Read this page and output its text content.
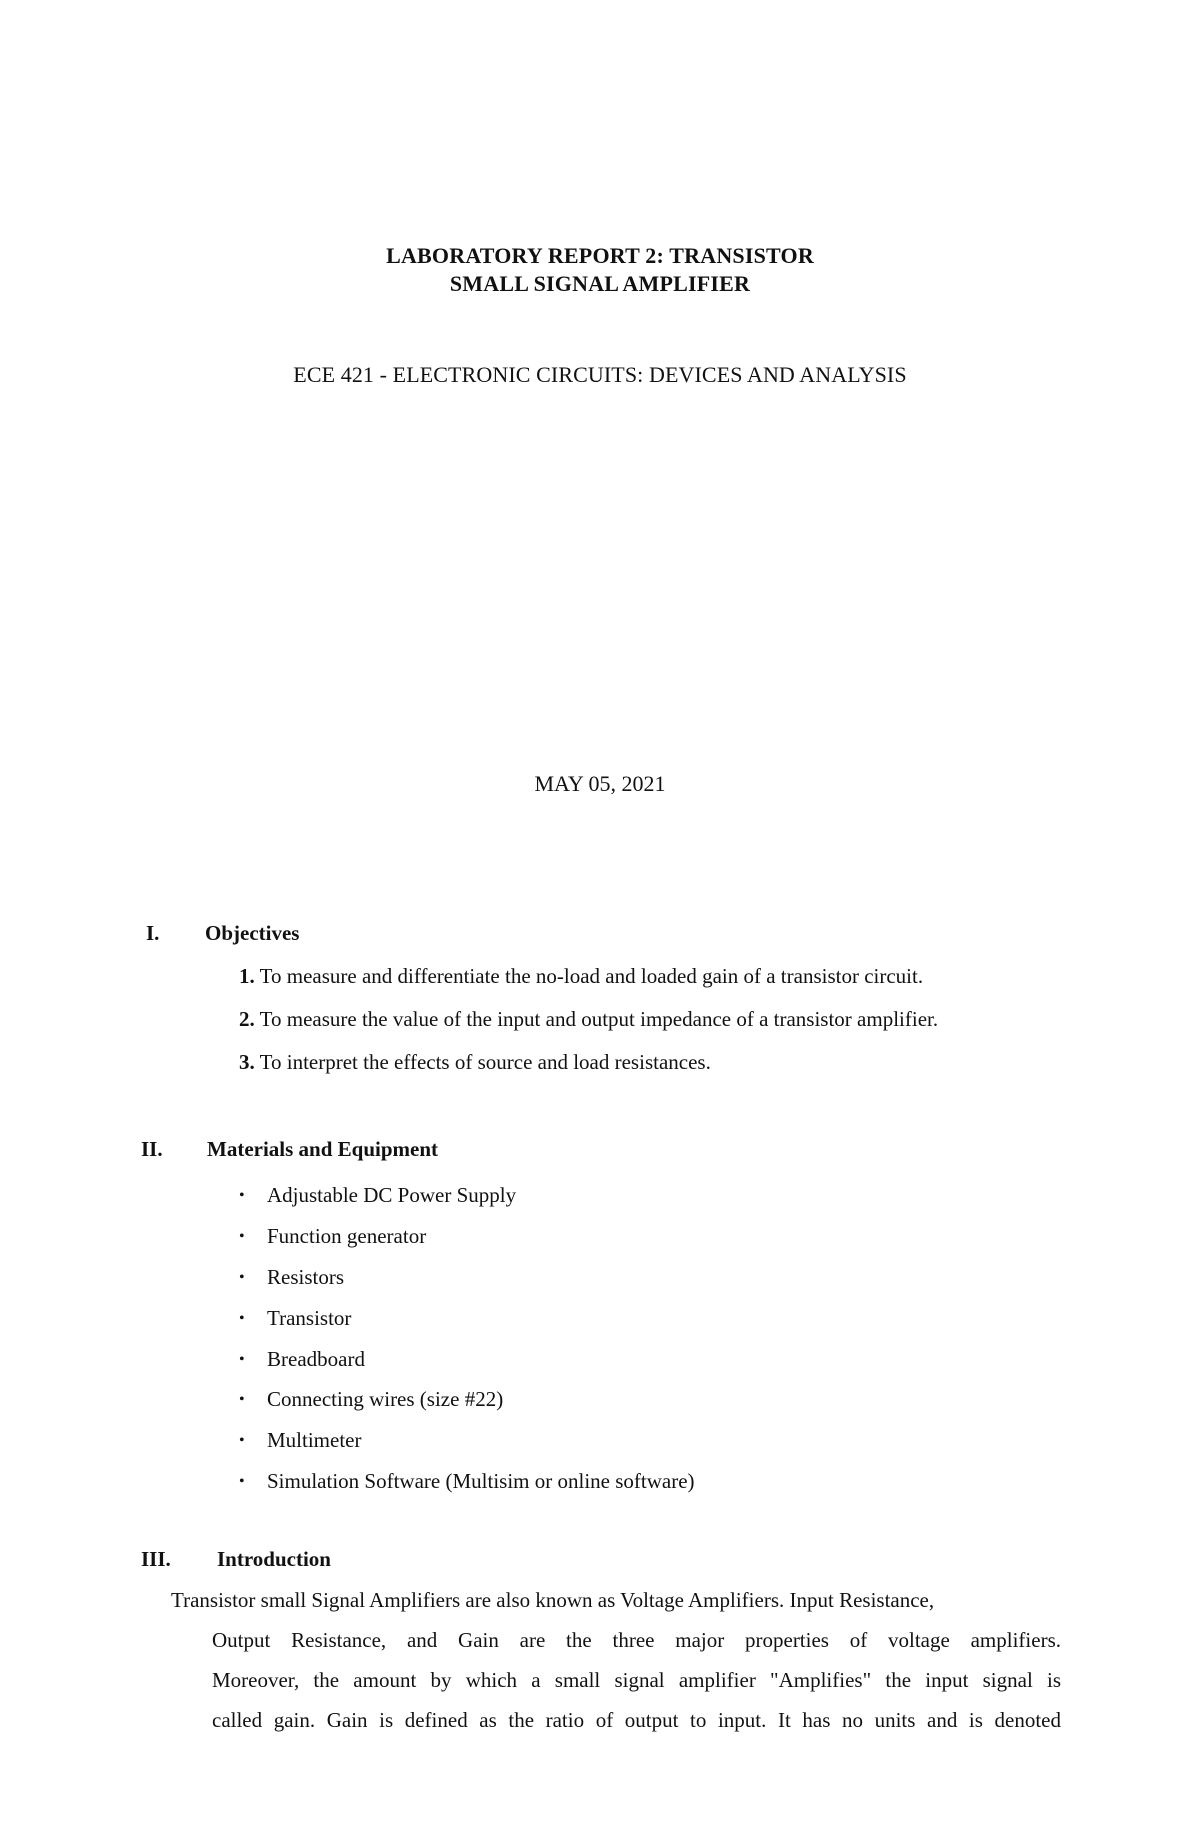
LABORATORY REPORT 2: TRANSISTOR
SMALL SIGNAL AMPLIFIER
ECE 421 - ELECTRONIC CIRCUITS: DEVICES AND ANALYSIS
MAY 05, 2021
I. Objectives
1. To measure and differentiate the no-load and loaded gain of a transistor circuit.
2. To measure the value of the input and output impedance of a transistor amplifier.
3. To interpret the effects of source and load resistances.
II. Materials and Equipment
• Adjustable DC Power Supply
• Function generator
• Resistors
• Transistor
• Breadboard
• Connecting wires (size #22)
• Multimeter
• Simulation Software (Multisim or online software)
III. Introduction
Transistor small Signal Amplifiers are also known as Voltage Amplifiers. Input Resistance,
Output Resistance, and Gain are the three major properties of voltage amplifiers.
Moreover, the amount by which a small signal amplifier "Amplifies" the input signal is
called gain. Gain is defined as the ratio of output to input. It has no units and is denoted
